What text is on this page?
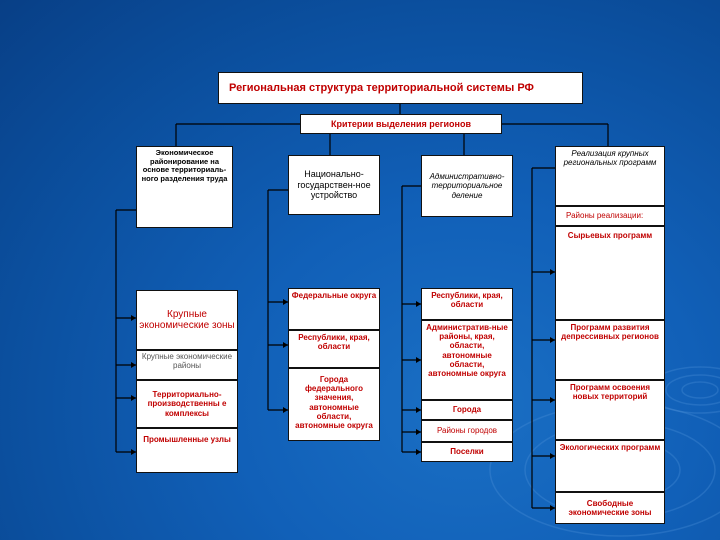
Региональная структура территориальной системы РФ
Критерии выделения регионов
Экономическое районирование на основе территориаль-ного разделения труда
Крупные экономические зоны
Крупные экономические районы
Территориально-производственны е комплексы
Промышленные узлы
Национально-государствен-ное устройство
Федеральные округа
Республики, края, области
Города федерального значения, автономные области, автономные округа
Административно-территориальное деление
Республики, края, области
Административ-ные районы, края, области, автономные области, автономные округа
Города
Районы городов
Поселки
Реализация крупных региональных программ
Районы реализации:
Сырьевых программ
Программ развития депрессивных регионов
Программ освоения новых территорий
Экологических программ
Свободные экономические зоны
